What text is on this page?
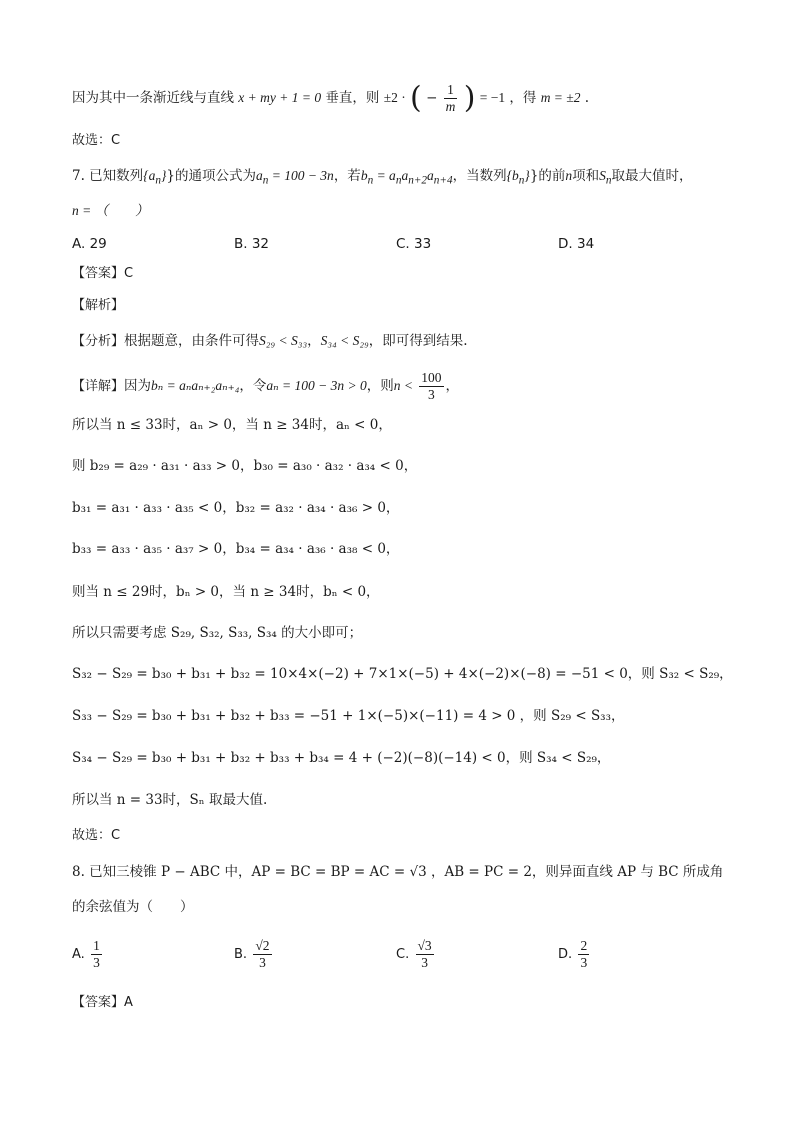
因为其中一条渐近线与直线 x + my + 1 = 0 垂直，则 ±2 · ( − $\frac{1}{m}$ ) = −1 ，得 m = ±2 .
故选：C
7. 已知数列$\{a_n\}$}的通项公式为$a_n = 100 - 3n$，若$b_n = a_na_{n+2}a_{n+4}$，当数列$\{b_n\}$}的前n项和$S_n$取最大值时，
n = （　　）
A. 29	B. 32	C. 33	D. 34
【答案】C
【解析】
【分析】根据题意，由条件可得S₂₉ < S₃₃，S₃₄ < S₂₉，即可得到结果.
【详解】因为bₙ = aₙaₙ₊₂aₙ₊₄，令aₙ = 100 − 3n > 0，则$n < \frac{100}{3}$ ，
所以当 n ≤ 33时，aₙ > 0，当 n ≥ 34时，aₙ < 0，
则 b₂₉ = a₂₉ · a₃₁ · a₃₃ > 0，b₃₀ = a₃₀ · a₃₂ · a₃₄ < 0，
b₃₁ = a₃₁ · a₃₃ · a₃₅ < 0，b₃₂ = a₃₂ · a₃₄ · a₃₆ > 0，
b₃₃ = a₃₃ · a₃₅ · a₃₇ > 0，b₃₄ = a₃₄ · a₃₆ · a₃₈ < 0，
则当 n ≤ 29时，bₙ > 0，当 n ≥ 34时，bₙ < 0，
所以只需要考虑 S₂₉, S₃₂, S₃₃, S₃₄ 的大小即可；
S₃₂ − S₂₉ = b₃₀ + b₃₁ + b₃₂ = 10×4×(−2) + 7×1×(−5) + 4×(−2)×(−8) = −51 < 0，则 S₃₂ < S₂₉，
S₃₃ − S₂₉ = b₃₀ + b₃₁ + b₃₂ + b₃₃ = −51 + 1×(−5)×(−11) = 4 > 0 ，则 S₂₉ < S₃₃，
S₃₄ − S₂₉ = b₃₀ + b₃₁ + b₃₂ + b₃₃ + b₃₄ = 4 + (−2)(−8)(−14) < 0，则 S₃₄ < S₂₉，
所以当 n = 33时，Sₙ 取最大值.
故选：C
8. 已知三棱锥 P − ABC 中，AP = BC = BP = AC = √3 ，AB = PC = 2，则异面直线 AP 与 BC 所成角
的余弦值为（　　）
A. $\frac{1}{3}$	B. $\frac{√2}{3}$	C. $\frac{√3}{3}$	D. $\frac{2}{3}$
【答案】A
